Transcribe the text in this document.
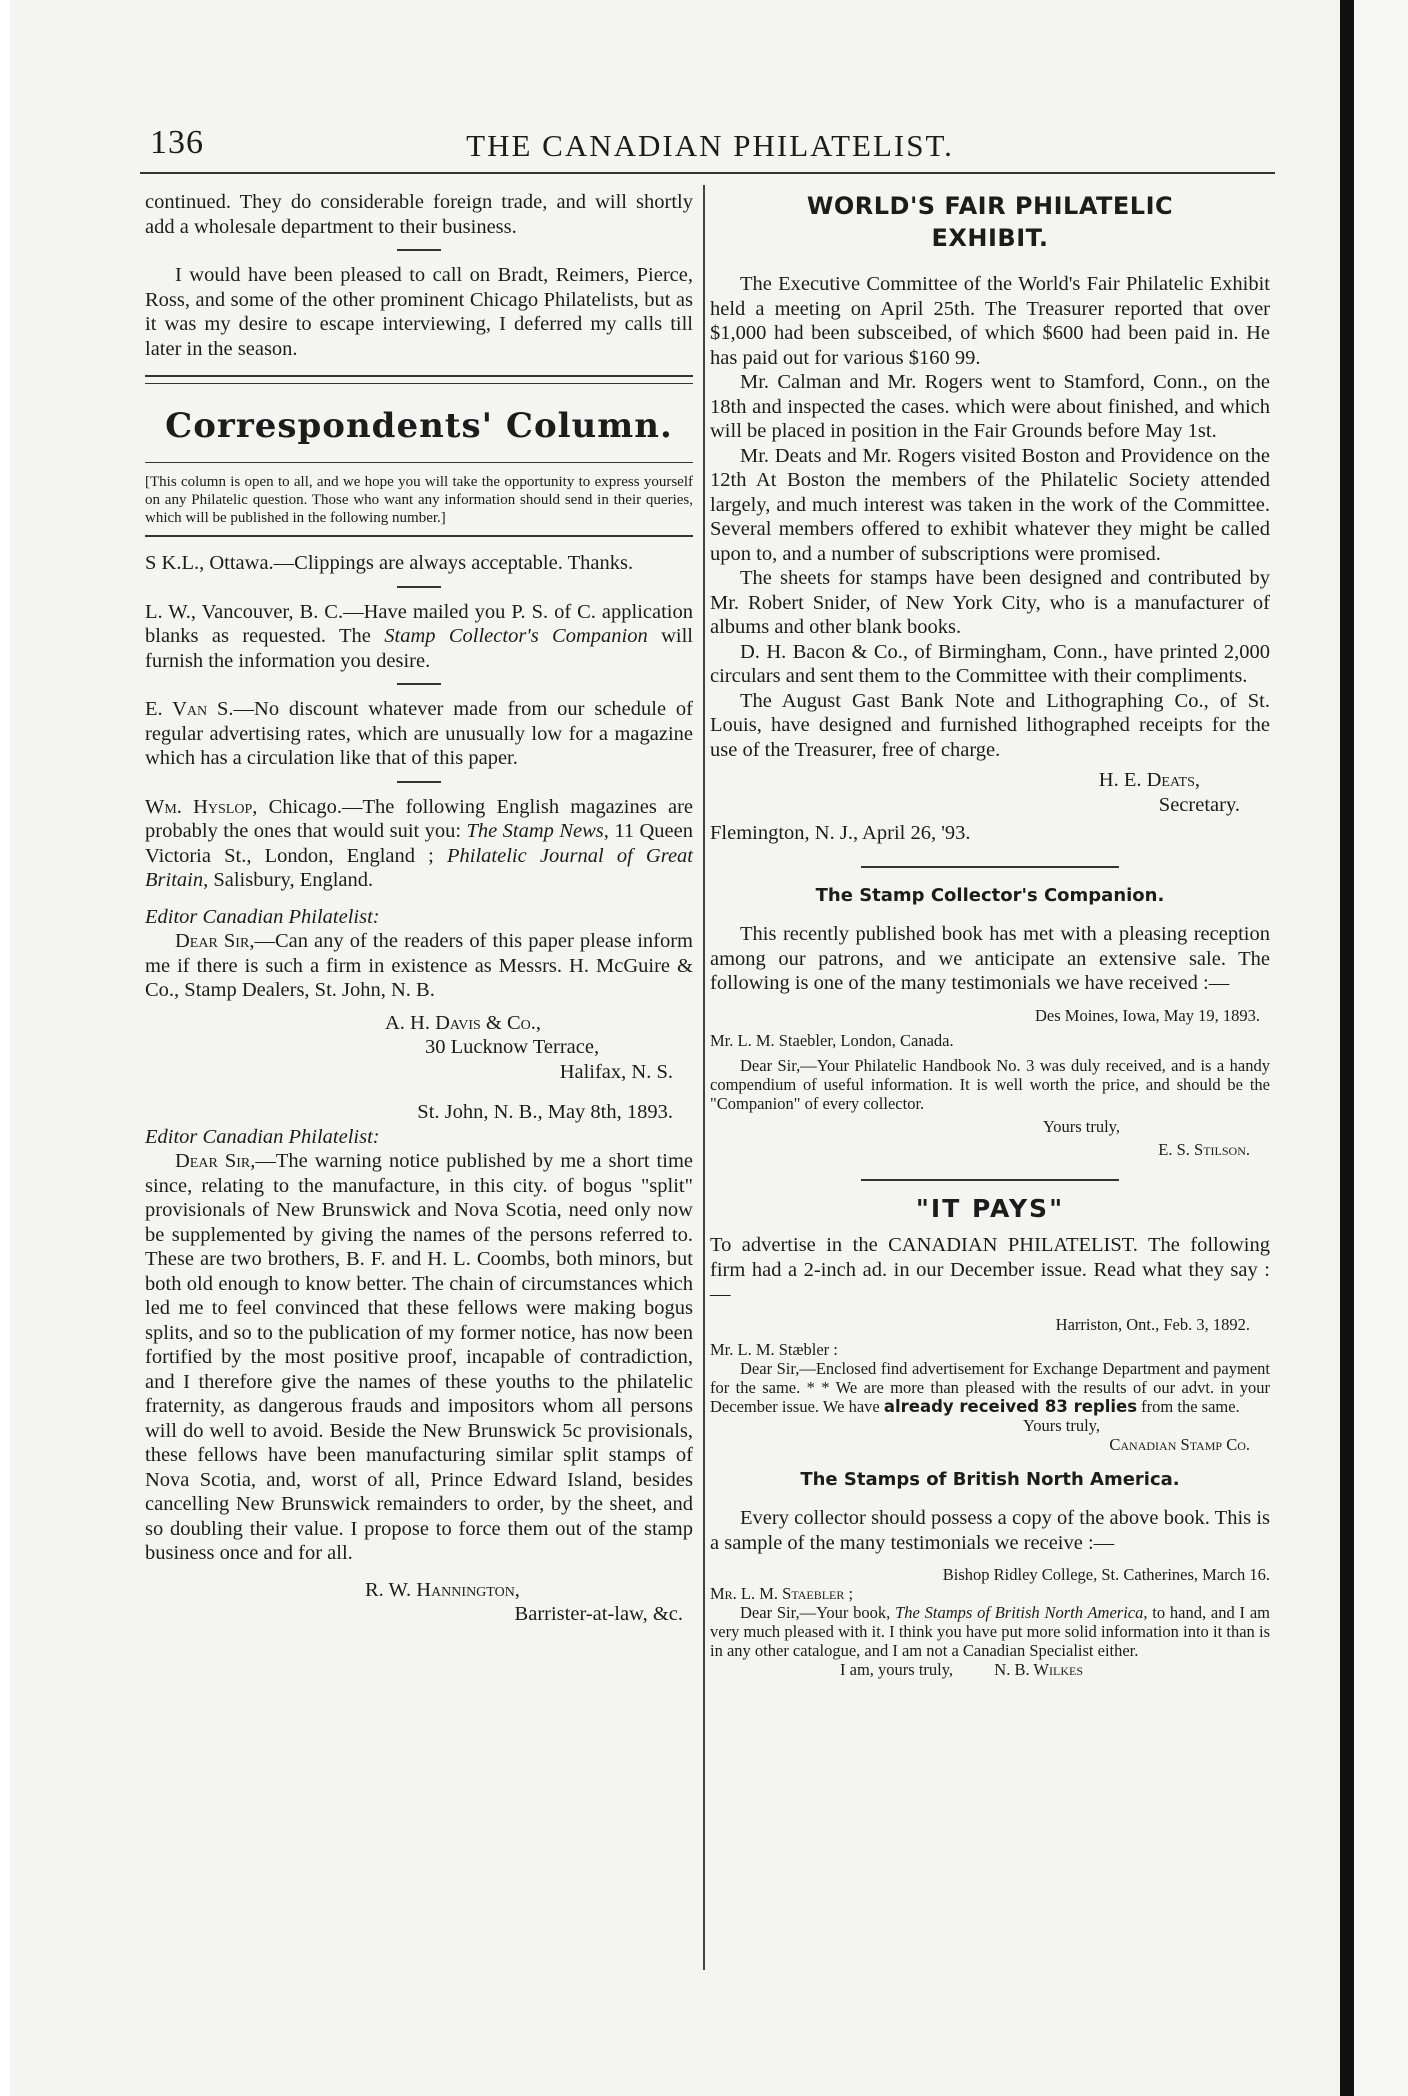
136	THE CANADIAN PHILATELIST.

continued. They do considerable foreign trade, and will shortly add a wholesale department to their business.

I would have been pleased to call on Bradt, Reimers, Pierce, Ross, and some of the other prominent Chicago Philatelists, but as it was my desire to escape interviewing, I deferred my calls till later in the season.

Correspondents' Column.

[This column is open to all, and we hope you will take the opportunity to express yourself on any Philatelic question. Those who want any information should send in their queries, which will be published in the following number.]

S K.L., Ottawa.—Clippings are always acceptable. Thanks.

L. W., Vancouver, B. C.—Have mailed you P. S. of C. application blanks as requested. The Stamp Collector's Companion will furnish the information you desire.

E. Van S.—No discount whatever made from our schedule of regular advertising rates, which are unusually low for a magazine which has a circulation like that of this paper.

Wm. Hyslop, Chicago.—The following English magazines are probably the ones that would suit you: The Stamp News, 11 Queen Victoria St., London, England ; Philatelic Journal of Great Britain, Salisbury, England.

Editor Canadian Philatelist:

Dear Sir,—Can any of the readers of this paper please inform me if there is such a firm in existence as Messrs. H. McGuire & Co., Stamp Dealers, St. John, N. B.

A. H. Davis & Co.,

30 Lucknow Terrace,

Halifax, N. S.

St. John, N. B., May 8th, 1893.

Editor Canadian Philatelist:

Dear Sir,—The warning notice published by me a short time since, relating to the manufacture, in this city. of bogus "split" provisionals of New Brunswick and Nova Scotia, need only now be supplemented by giving the names of the persons referred to. These are two brothers, B. F. and H. L. Coombs, both minors, but both old enough to know better. The chain of circumstances which led me to feel convinced that these fellows were making bogus splits, and so to the publication of my former notice, has now been fortified by the most positive proof, incapable of contradiction, and I therefore give the names of these youths to the philatelic fraternity, as dangerous frauds and impositors whom all persons will do well to avoid. Beside the New Brunswick 5c provisionals, these fellows have been manufacturing similar split stamps of Nova Scotia, and, worst of all, Prince Edward Island, besides cancelling New Brunswick remainders to order, by the sheet, and so doubling their value. I propose to force them out of the stamp business once and for all.

R. W. Hannington,

Barrister-at-law, &c.

WORLD'S FAIR PHILATELIC
EXHIBIT.

The Executive Committee of the World's Fair Philatelic Exhibit held a meeting on April 25th. The Treasurer reported that over $1,000 had been subsceibed, of which $600 had been paid in. He has paid out for various $160 99.

Mr. Calman and Mr. Rogers went to Stamford, Conn., on the 18th and inspected the cases. which were about finished, and which will be placed in position in the Fair Grounds before May 1st.

Mr. Deats and Mr. Rogers visited Boston and Providence on the 12th At Boston the members of the Philatelic Society attended largely, and much interest was taken in the work of the Committee. Several members offered to exhibit whatever they might be called upon to, and a number of subscriptions were promised.

The sheets for stamps have been designed and contributed by Mr. Robert Snider, of New York City, who is a manufacturer of albums and other blank books.

D. H. Bacon & Co., of Birmingham, Conn., have printed 2,000 circulars and sent them to the Committee with their compliments.

The August Gast Bank Note and Lithographing Co., of St. Louis, have designed and furnished lithographed receipts for the use of the Treasurer, free of charge.

H. E. Deats,

Secretary.

Flemington, N. J., April 26, '93.

The Stamp Collector's Companion.

This recently published book has met with a pleasing reception among our patrons, and we anticipate an extensive sale. The following is one of the many testimonials we have received :—

Des Moines, Iowa, May 19, 1893.

Mr. L. M. Staebler, London, Canada.

Dear Sir,—Your Philatelic Handbook No. 3 was duly received, and is a handy compendium of useful information. It is well worth the price, and should be the "Companion" of every collector.

Yours truly,

E. S. Stilson.

"IT PAYS"

To advertise in the CANADIAN PHILATELIST. The following firm had a 2-inch ad. in our December issue. Read what they say :—

Harriston, Ont., Feb. 3, 1892.

Mr. L. M. Stæbler :

Dear Sir,—Enclosed find advertisement for Exchange Department and payment for the same. * * We are more than pleased with the results of our advt. in your December issue. We have already received 83 replies from the same.

Yours truly,

Canadian Stamp Co.

The Stamps of British North America.

Every collector should possess a copy of the above book. This is a sample of the many testimonials we receive :—

Bishop Ridley College, St. Catherines, March 16.

Mr. L. M. Staebler ;

Dear Sir,—Your book, The Stamps of British North America, to hand, and I am very much pleased with it. I think you have put more solid information into it than is in any other catalogue, and I am not a Canadian Specialist either.

I am, yours truly,	N. B. Wilkes
